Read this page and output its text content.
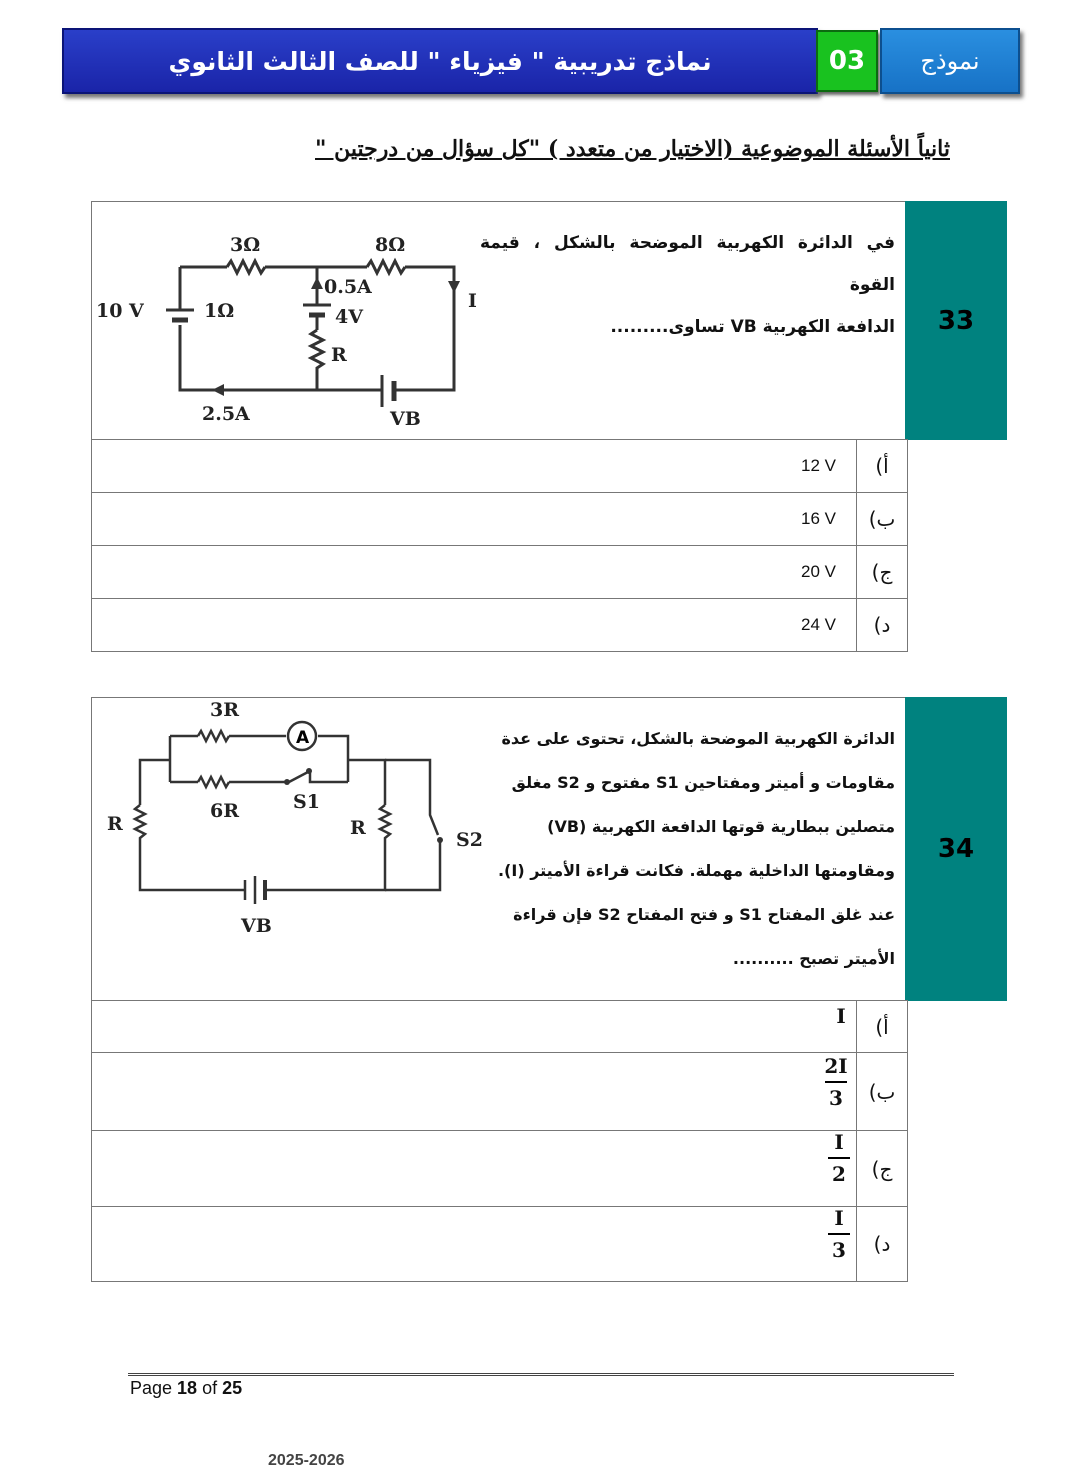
نماذج تدريبية " فيزياء " للصف الثالث الثانوي	03	نموذج
ثانياً الأسئلة الموضوعية (الاختيار من متعدد ) "كل سؤال من درجتين "
33
في الدائرة الكهربية الموضحة بالشكل ، قيمة القوة
الدافعة الكهربية VB تساوى.........
3Ω	8Ω
10 V	1Ω
0.5A
4V
R
I
2.5A	VB
أ)
12 V
ب)
16 V
ج)
20 V
د)
24 V
34
الدائرة الكهربية الموضحة بالشكل، تحتوى على عدة
مقاومات و أميتر ومفتاحين S1 مفتوح و S2 مغلق
متصلين ببطارية قوتها الدافعة الكهربية (VB)
ومقاومتها الداخلية مهملة. فكانت قراءة الأميتر (I).
عند غلق المفتاح S1 و فتح المفتاح S2 فإن قراءة
الأميتر تصبح ..........
A
3R
6R	S1
R	R
S2
VB
أ)
I
ب)
2I
3
ج)
I
2
د)
I
3
Page 18 of 25
2025-2026
